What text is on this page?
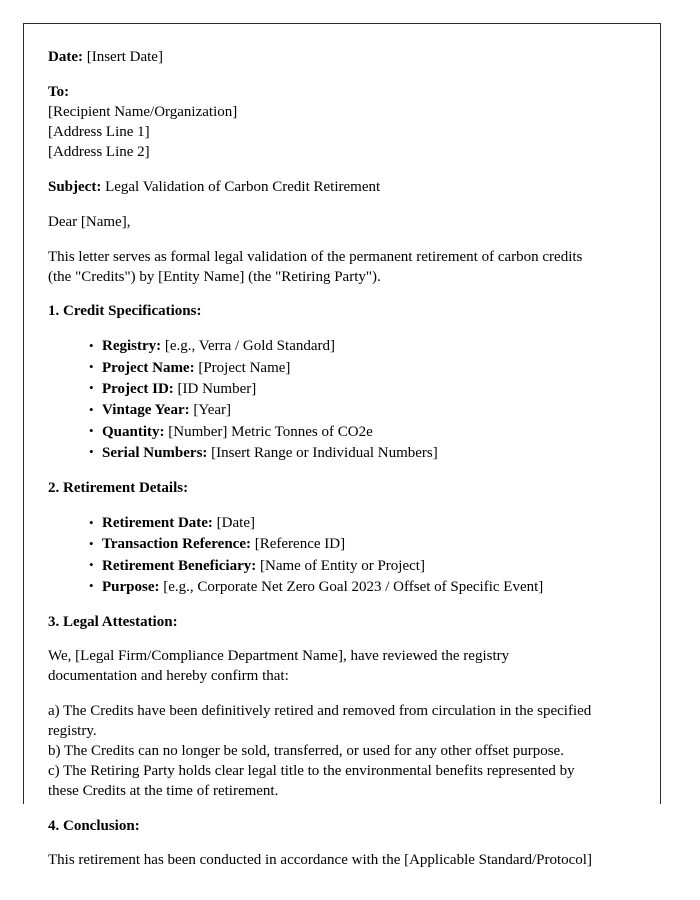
Date: [Insert Date]

To:
[Recipient Name/Organization]
[Address Line 1]
[Address Line 2]

Subject: Legal Validation of Carbon Credit Retirement

Dear [Name],

This letter serves as formal legal validation of the permanent retirement of carbon credits
(the "Credits") by [Entity Name] (the "Retiring Party").

1. Credit Specifications:

• Registry: [e.g., Verra / Gold Standard]
• Project Name: [Project Name]
• Project ID: [ID Number]
• Vintage Year: [Year]
• Quantity: [Number] Metric Tonnes of CO2e
• Serial Numbers: [Insert Range or Individual Numbers]

2. Retirement Details:

• Retirement Date: [Date]
• Transaction Reference: [Reference ID]
• Retirement Beneficiary: [Name of Entity or Project]
• Purpose: [e.g., Corporate Net Zero Goal 2023 / Offset of Specific Event]

3. Legal Attestation:

We, [Legal Firm/Compliance Department Name], have reviewed the registry
documentation and hereby confirm that:
a) The Credits have been definitively retired and removed from circulation in the specified
registry.
b) The Credits can no longer be sold, transferred, or used for any other offset purpose.
c) The Retiring Party holds clear legal title to the environmental benefits represented by
these Credits at the time of retirement.

4. Conclusion:

This retirement has been conducted in accordance with the [Applicable Standard/Protocol]
